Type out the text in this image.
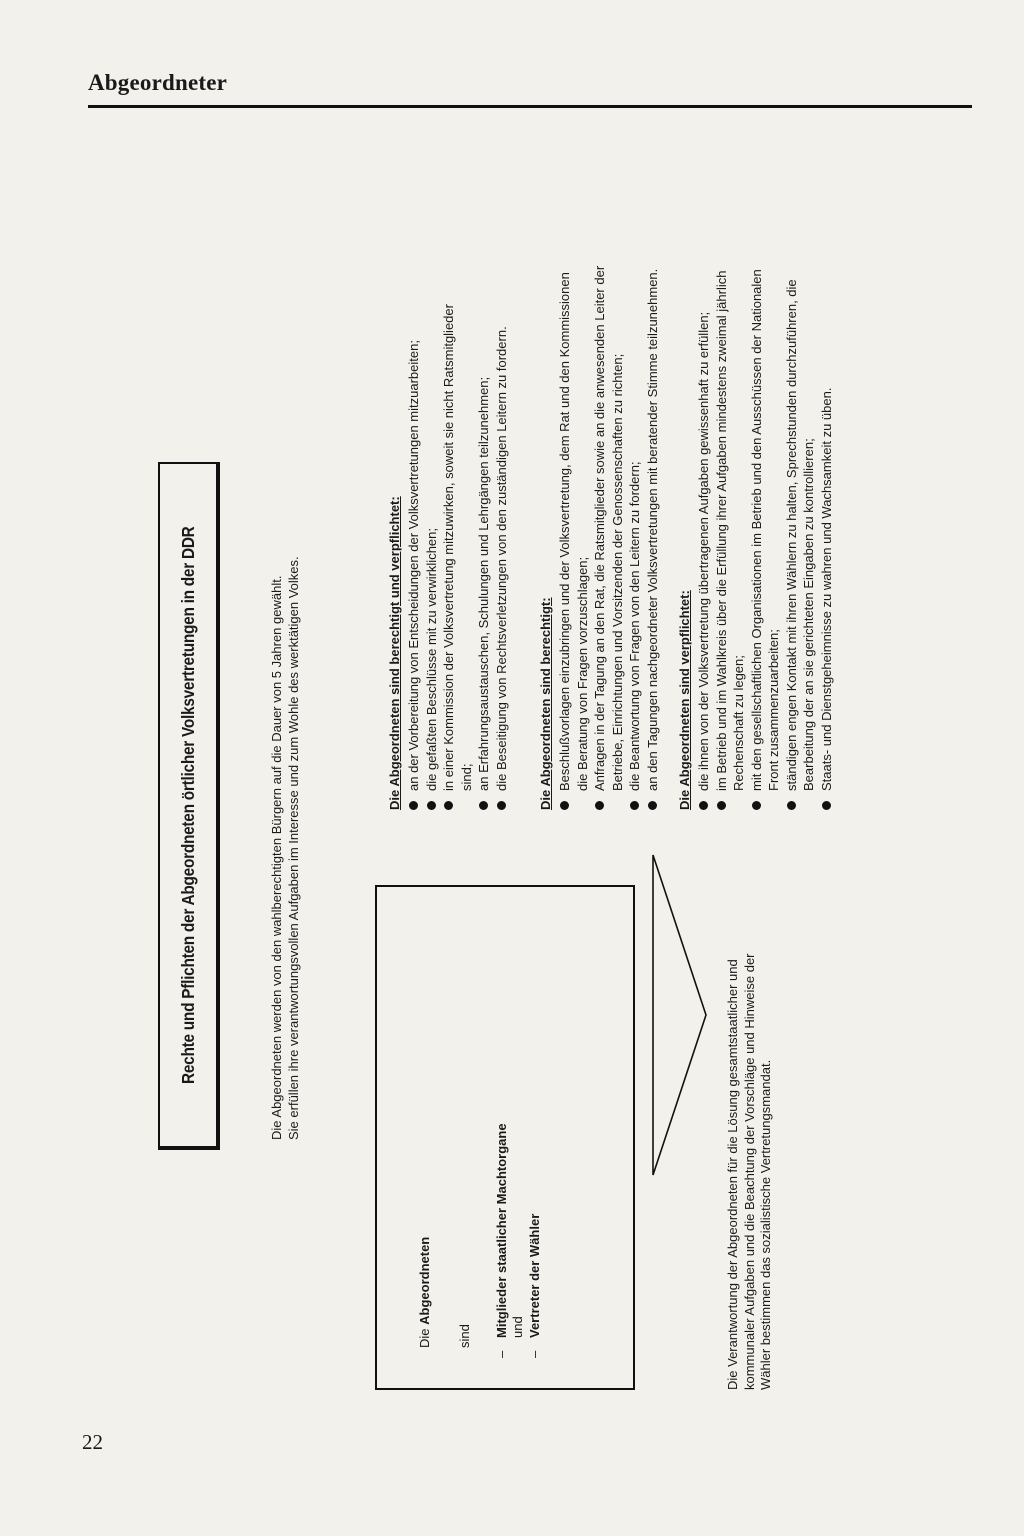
Abgeordneter
Rechte und Pflichten der Abgeordneten örtlicher Volksvertretungen in der DDR	Die Abgeordneten werden von den wahlberechtigten Bürgern auf die Dauer von 5 Jahren gewählt. Sie erfüllen ihre verantwortungsvollen Aufgaben im Interesse und zum Wohle des werktätigen Volkes.
Die Abgeordneten
sind
–Mitglieder staatlicher Machtorgane und
–Vertreter der Wähler	Die Verantwortung der Abgeordneten für die Lösung gesamtstaatlicher und kommunaler Aufgaben und die Beachtung der Vorschläge und Hinweise der Wähler bestimmen das sozialistische Vertretungsmandat.
Die Abgeordneten sind berechtigt und verpflichtet: an der Vorbereitung von Entscheidungen der Volksvertretungen mitzuarbeiten; die gefaßten Beschlüsse mit zu verwirklichen; in einer Kommission der Volksvertretung mitzuwirken, soweit sie nicht Ratsmitglieder sind; an Erfahrungsaustauschen, Schulungen und Lehrgängen teilzunehmen; die Beseitigung von Rechtsverletzungen von den zuständigen Leitern zu fordern. Die Abgeordneten sind berechtigt: Beschlußvorlagen einzubringen und der Volksvertretung, dem Rat und den Kommissionen die Beratung von Fragen vorzuschlagen; Anfragen in der Tagung an den Rat, die Ratsmitglieder sowie an die anwesenden Leiter der Betriebe, Einrichtungen und Vorsitzenden der Genossenschaften zu richten; die Beantwortung von Fragen von den Leitern zu fordern; an den Tagungen nachgeordneter Volksvertretungen mit beratender Stimme teilzunehmen. Die Abgeordneten sind verpflichtet: die ihnen von der Volksvertretung übertragenen Aufgaben gewissenhaft zu erfüllen; im Betrieb und im Wahlkreis über die Erfüllung ihrer Aufgaben mindestens zweimal jährlich Rechenschaft zu legen; mit den gesellschaftlichen Organisationen im Betrieb und den Ausschüssen der Nationalen Front zusammenzuarbeiten; ständigen engen Kontakt mit ihren Wählern zu halten, Sprechstunden durchzuführen, die Bearbeitung der an sie gerichteten Eingaben zu kontrollieren; Staats- und Dienstgeheimnisse zu wahren und Wachsamkeit zu üben.
22
